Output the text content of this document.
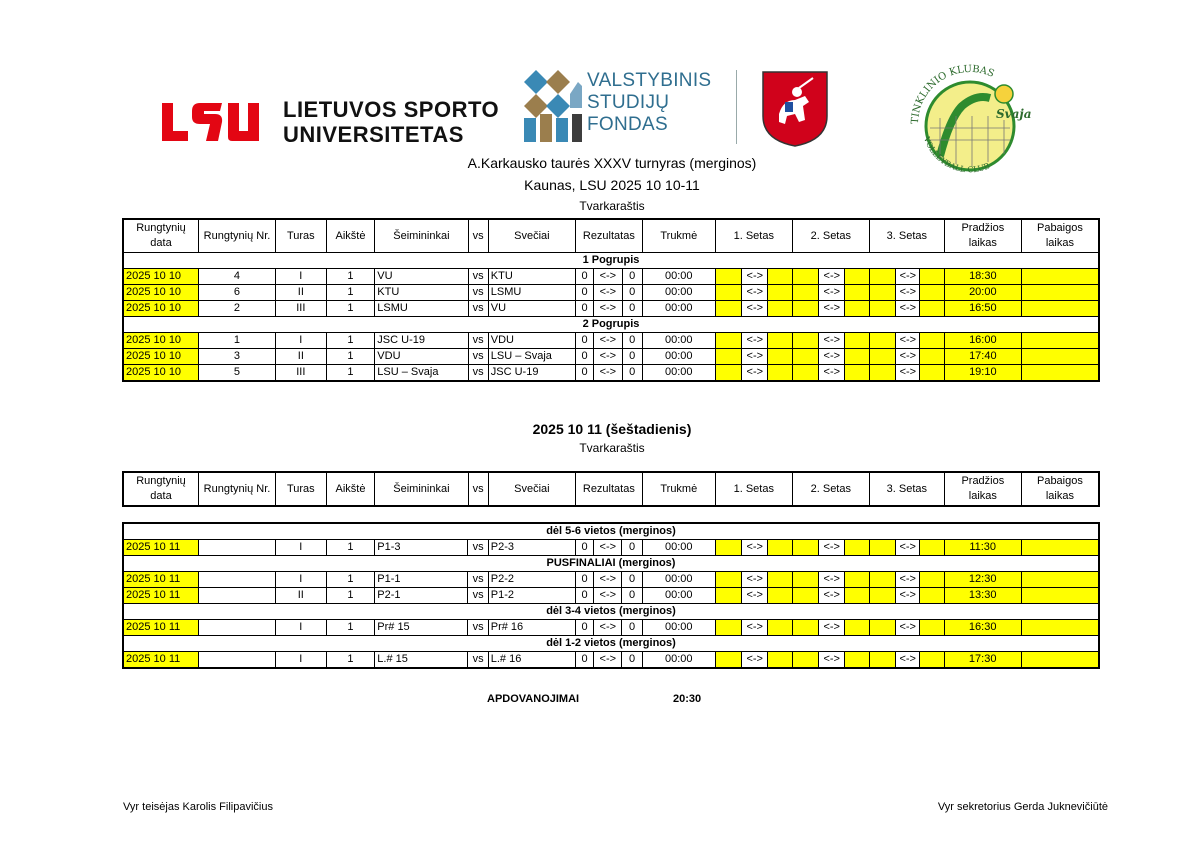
LIETUVOS SPORTO
UNIVERSITETAS
VALSTYBINIS
STUDIJŲ
FONDAS	TINKLINIO KLUBAS
VOLLEYBALL CLUB
Svaja
A.Karkausko taurės XXXV turnyras (merginos)
Kaunas, LSU 2025 10 10-11
Tvarkaraštis
Rungtynių data	Rungtynių Nr.	Turas	Aikštė	Šeimininkai	vs	Svečiai	Rezultatas			Trukmė	1. Setas			2. Setas			3. Setas			Pradžios laikas	Pabaigos laikas
1 Pogrupis																					
2025 10 10	4	I	1	VU	vs	KTU	0	<->	0	00:00		<->			<->			<->		18:30	
2025 10 10	6	II	1	KTU	vs	LSMU	0	<->	0	00:00		<->			<->			<->		20:00	
2025 10 10	2	III	1	LSMU	vs	VU	0	<->	0	00:00		<->			<->			<->		16:50	
2 Pogrupis																					
2025 10 10	1	I	1	JSC U-19	vs	VDU	0	<->	0	00:00		<->			<->			<->		16:00	
2025 10 10	3	II	1	VDU	vs	LSU – Svaja	0	<->	0	00:00		<->			<->			<->		17:40	
2025 10 10	5	III	1	LSU – Svaja	vs	JSC U-19	0	<->	0	00:00		<->			<->			<->		19:10	
2025 10 11 (šeštadienis)
Tvarkaraštis
Rungtynių data	Rungtynių Nr.	Turas	Aikštė	Šeimininkai	vs	Svečiai	Rezultatas	Trukmė	1. Setas	2. Setas	3. Setas	Pradžios laikas	Pabaigos laikas
dėl 5-6 vietos (merginos)																					
2025 10 11		I	1	P1-3	vs	P2-3	0	<->	0	00:00		<->			<->			<->		11:30	
PUSFINALIAI (merginos)																					
2025 10 11		I	1	P1-1	vs	P2-2	0	<->	0	00:00		<->			<->			<->		12:30	
2025 10 11		II	1	P2-1	vs	P1-2	0	<->	0	00:00		<->			<->			<->		13:30	
dėl 3-4 vietos (merginos)																					
2025 10 11		I	1	Pr# 15	vs	Pr# 16	0	<->	0	00:00		<->			<->			<->		16:30	
dėl 1-2 vietos (merginos)																					
2025 10 11		I	1	L.# 15	vs	L.# 16	0	<->	0	00:00		<->			<->			<->		17:30	
APDOVANOJIMAI	20:30
Vyr teisėjas Karolis Filipavičius	Vyr sekretorius Gerda Juknevičiūtė
